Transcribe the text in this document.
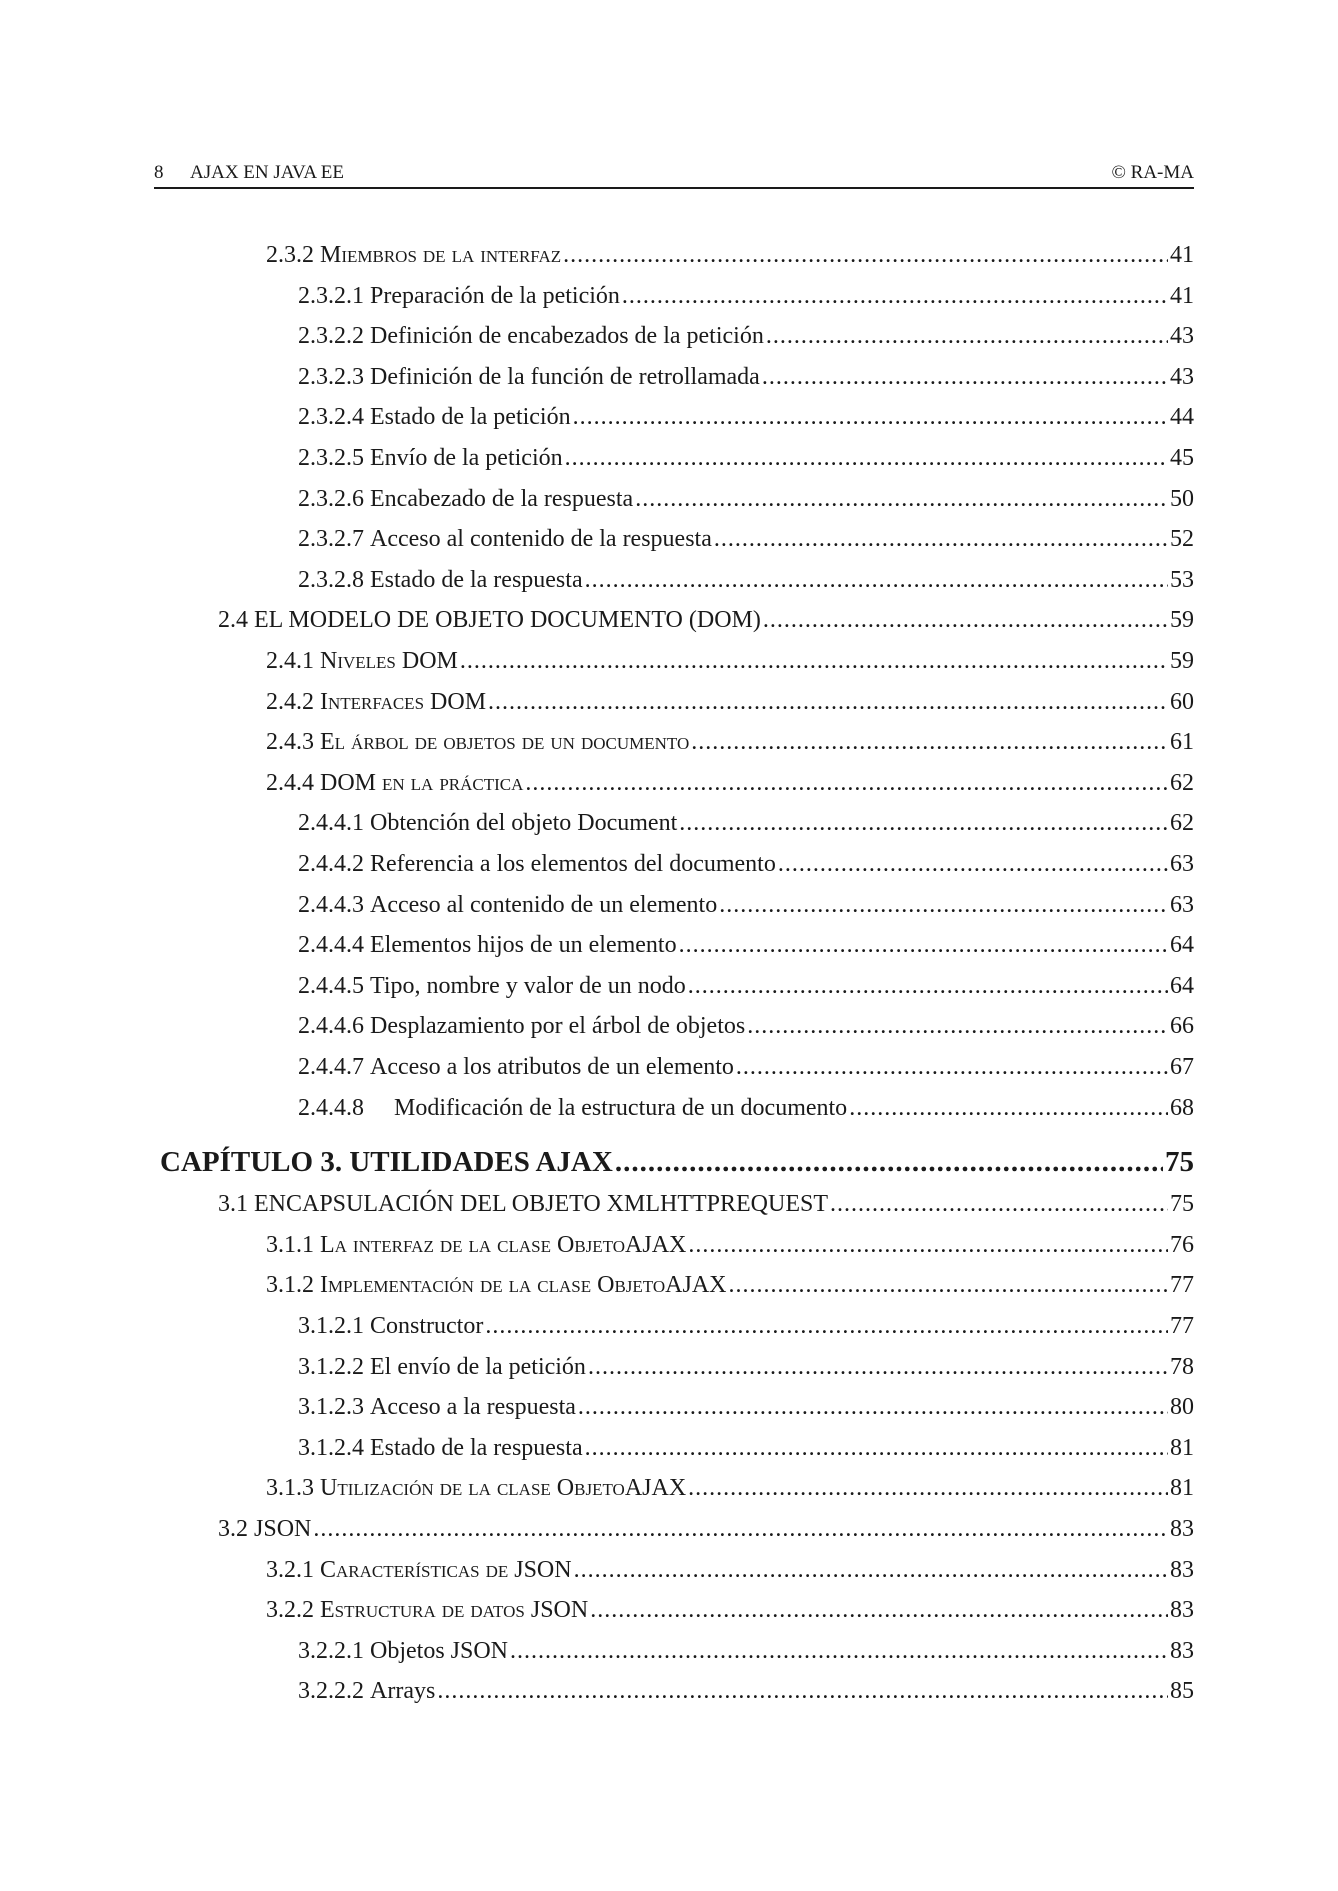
8 AJAX EN JAVA EE	© RA-MA
2.3.2 Miembros de la interfaz .....	41
2.3.2.1 Preparación de la petición .....	41
2.3.2.2 Definición de encabezados de la petición .....	43
2.3.2.3 Definición de la función de retrollamada .....	43
2.3.2.4 Estado de la petición .....	44
2.3.2.5 Envío de la petición .....	45
2.3.2.6 Encabezado de la respuesta .....	50
2.3.2.7 Acceso al contenido de la respuesta .....	52
2.3.2.8 Estado de la respuesta .....	53
2.4 EL MODELO DE OBJETO DOCUMENTO (DOM) .....	59
2.4.1 Niveles DOM .....	59
2.4.2 Interfaces DOM .....	60
2.4.3 El árbol de objetos de un documento .....	61
2.4.4 DOM en la práctica .....	62
2.4.4.1 Obtención del objeto Document .....	62
2.4.4.2 Referencia a los elementos del documento .....	63
2.4.4.3 Acceso al contenido de un elemento .....	63
2.4.4.4 Elementos hijos de un elemento .....	64
2.4.4.5 Tipo, nombre y valor de un nodo .....	64
2.4.4.6 Desplazamiento por el árbol de objetos .....	66
2.4.4.7 Acceso a los atributos de un elemento .....	67
2.4.4.8 Modificación de la estructura de un documento .....	68
CAPÍTULO 3. UTILIDADES AJAX .....	75
3.1 ENCAPSULACIÓN DEL OBJETO XMLHTTPREQUEST .....	75
3.1.1 La interfaz de la clase ObjetoAJAX .....	76
3.1.2 Implementación de la clase ObjetoAJAX .....	77
3.1.2.1 Constructor .....	77
3.1.2.2 El envío de la petición .....	78
3.1.2.3 Acceso a la respuesta .....	80
3.1.2.4 Estado de la respuesta .....	81
3.1.3 Utilización de la clase ObjetoAJAX .....	81
3.2 JSON .....	83
3.2.1 Características de JSON .....	83
3.2.2 Estructura de datos JSON .....	83
3.2.2.1 Objetos JSON .....	83
3.2.2.2 Arrays .....	85
